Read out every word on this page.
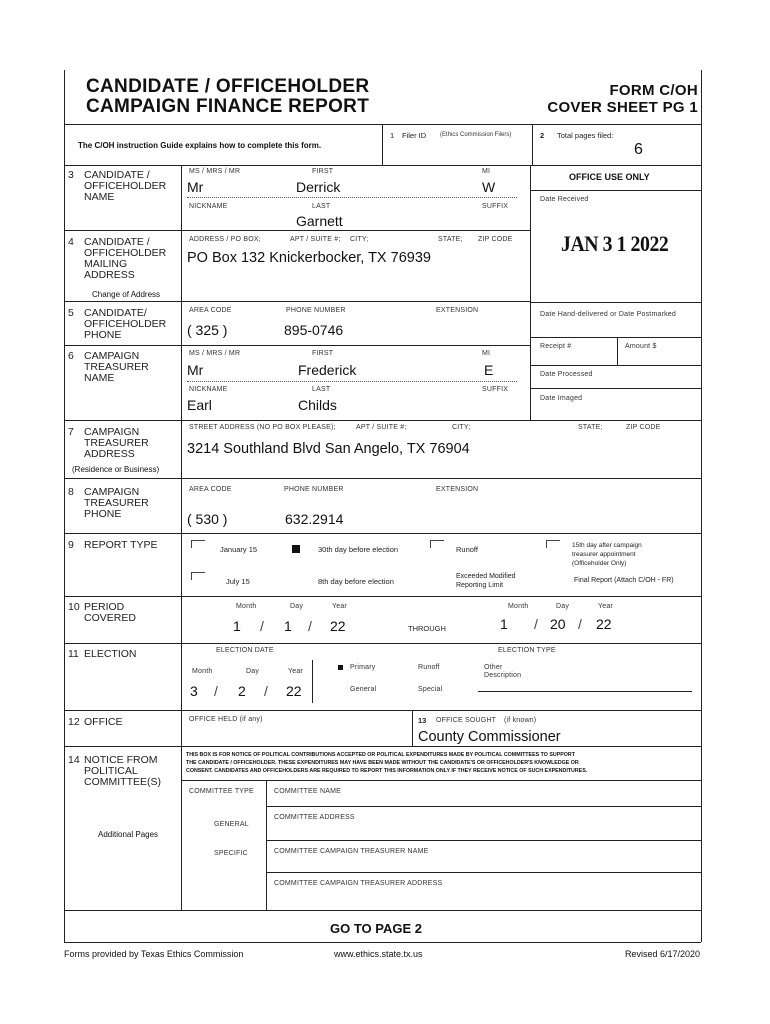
CANDIDATE / OFFICEHOLDER
CAMPAIGN FINANCE REPORT
FORM C/OH
COVER SHEET PG 1
The C/OH instruction Guide explains how to complete this form.
1 Filer ID (Ethics Commission Filers)	2 Total pages filed:
6
3 CANDIDATE /
OFFICEHOLDER
NAME
MS / MRS / MR
Mr
FIRST
Derrick
MI
W
NICKNAME	LAST
Garnett
SUFFIX
OFFICE USE ONLY
Date Received
JAN 3 1 2022
Date Hand-delivered or Date Postmarked
Receipt #	Amount $
Date Processed
Date Imaged
4 CANDIDATE /
OFFICEHOLDER
MAILING
ADDRESS
Change of Address
ADDRESS / PO BOX;	APT / SUITE #; CITY;	STATE; ZIP CODE
PO Box 132 Knickerbocker, TX 76939
5 CANDIDATE/
OFFICEHOLDER
PHONE
AREA CODE	PHONE NUMBER	EXTENSION
( 325 )	895-0746
6 CAMPAIGN
TREASURER
NAME
MS / MRS / MR
Mr
FIRST
Frederick
MI
E
NICKNAME
Earl
LAST
Childs
SUFFIX
7 CAMPAIGN
TREASURER
ADDRESS
(Residence or Business)
STREET ADDRESS (NO PO BOX PLEASE);	APT / SUITE #;	CITY;	STATE;	ZIP CODE
3214 Southland Blvd San Angelo, TX 76904
8 CAMPAIGN
TREASURER
PHONE
AREA CODE	PHONE NUMBER	EXTENSION
( 530 )	632.2914
9 REPORT TYPE	January 15	30th day before election	Runoff	15th day after campaign
treasurer appointment
(Officeholder Only)
July 15	8th day before election
Exceeded Modified
Reporting Limit
Final Report (Attach C/OH - FR)
10 PERIOD
COVERED
Month	Day	Year
1 / 1 / 22	THROUGH
Month	Day	Year
1 / 20 / 22
11 ELECTION	ELECTION DATE
Month	Day	Year
3 / 2 / 22
ELECTION TYPE
Primary	Runoff	Other
Description
General	Special
12 OFFICE	OFFICE HELD (if any)	13 OFFICE SOUGHT (if known)
County Commissioner
14 NOTICE FROM
POLITICAL
COMMITTEE(S)
Additional Pages
THIS BOX IS FOR NOTICE OF POLITICAL CONTRIBUTIONS ACCEPTED OR POLITICAL EXPENDITURES MADE BY POLITICAL COMMITTEES TO SUPPORT
THE CANDIDATE / OFFICEHOLDER. THESE EXPENDITURES MAY HAVE BEEN MADE WITHOUT THE CANDIDATE'S OR OFFICEHOLDER'S KNOWLEDGE OR
CONSENT. CANDIDATES AND OFFICEHOLDERS ARE REQUIRED TO REPORT THIS INFORMATION ONLY IF THEY RECEIVE NOTICE OF SUCH EXPENDITURES.
COMMITTEE TYPE	COMMITTEE NAME
GENERAL
COMMITTEE ADDRESS
SPECIFIC	COMMITTEE CAMPAIGN TREASURER NAME
COMMITTEE CAMPAIGN TREASURER ADDRESS
GO TO PAGE 2
Forms provided by Texas Ethics Commission	www.ethics.state.tx.us	Revised 6/17/2020
